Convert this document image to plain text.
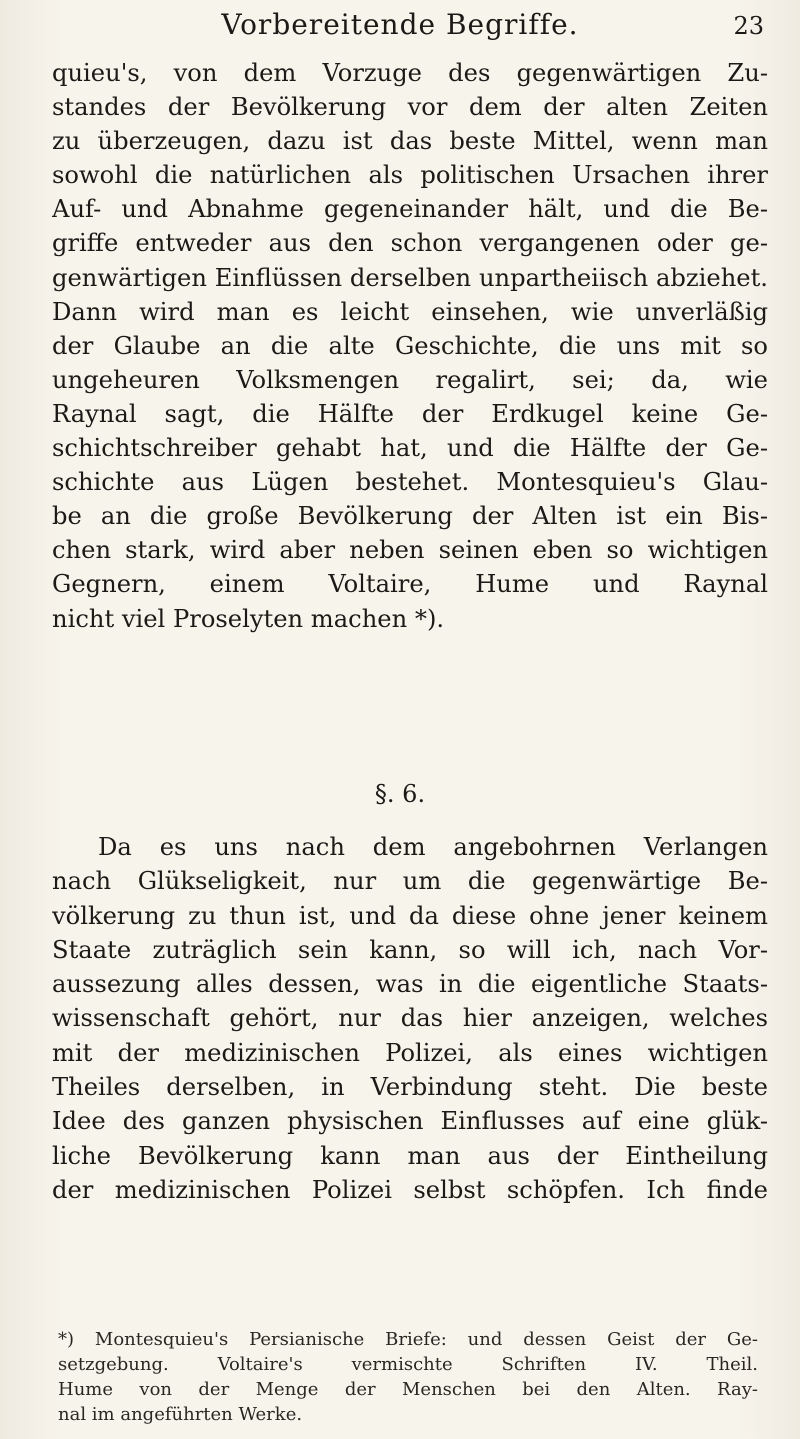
Vorbereitende Begriffe.	23
quieu's, von dem Vorzuge des gegenwärtigen Zu-
standes der Bevölkerung vor dem der alten Zeiten
zu überzeugen, dazu ist das beste Mittel, wenn man
sowohl die natürlichen als politischen Ursachen ihrer
Auf- und Abnahme gegeneinander hält, und die Be-
griffe entweder aus den schon vergangenen oder ge-
genwärtigen Einflüssen derselben unpartheiisch abziehet.
Dann wird man es leicht einsehen, wie unverläßig
der Glaube an die alte Geschichte, die uns mit so
ungeheuren Volksmengen regalirt, sei; da, wie
Raynal sagt, die Hälfte der Erdkugel keine Ge-
schichtschreiber gehabt hat, und die Hälfte der Ge-
schichte aus Lügen bestehet. Montesquieu's Glau-
be an die große Bevölkerung der Alten ist ein Bis-
chen stark, wird aber neben seinen eben so wichtigen
Gegnern, einem Voltaire, Hume und Raynal
nicht viel Proselyten machen *).
§. 6.
Da es uns nach dem angebohrnen Verlangen
nach Glükseligkeit, nur um die gegenwärtige Be-
völkerung zu thun ist, und da diese ohne jener keinem
Staate zuträglich sein kann, so will ich, nach Vor-
aussezung alles dessen, was in die eigentliche Staats-
wissenschaft gehört, nur das hier anzeigen, welches
mit der medizinischen Polizei, als eines wichtigen
Theiles derselben, in Verbindung steht. Die beste
Idee des ganzen physischen Einflusses auf eine glük-
liche Bevölkerung kann man aus der Eintheilung
der medizinischen Polizei selbst schöpfen. Ich finde
*) Montesquieu's Persianische Briefe: und dessen Geist der Ge-
setzgebung. Voltaire's vermischte Schriften IV. Theil.
Hume von der Menge der Menschen bei den Alten. Ray-
nal im angeführten Werke.
